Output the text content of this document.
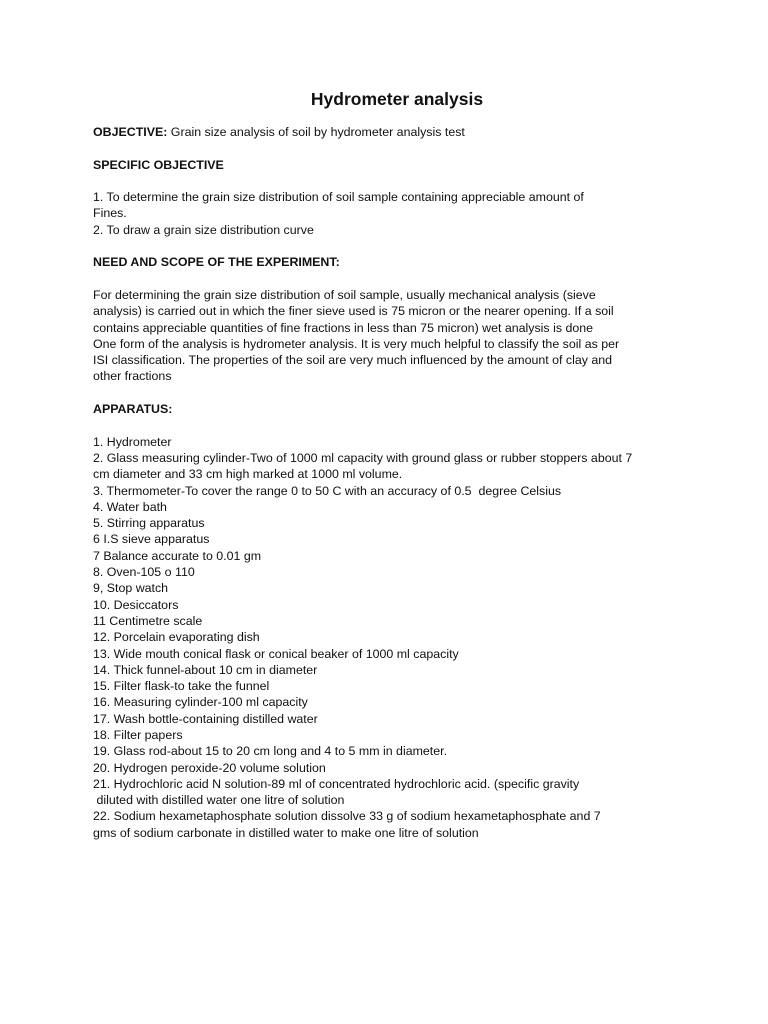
Hydrometer analysis

OBJECTIVE: Grain size analysis of soil by hydrometer analysis test

SPECIFIC OBJECTIVE

1. To determine the grain size distribution of soil sample containing appreciable amount of

Fines.

2. To draw a grain size distribution curve

NEED AND SCOPE OF THE EXPERIMENT:

For determining the grain size distribution of soil sample, usually mechanical analysis (sieve

analysis) is carried out in which the finer sieve used is 75 micron or the nearer opening. If a soil

contains appreciable quantities of fine fractions in less than 75 micron) wet analysis is done

One form of the analysis is hydrometer analysis. It is very much helpful to classify the soil as per

ISI classification. The properties of the soil are very much influenced by the amount of clay and

other fractions

APPARATUS:

1. Hydrometer

2. Glass measuring cylinder-Two of 1000 ml capacity with ground glass or rubber stoppers about 7

cm diameter and 33 cm high marked at 1000 ml volume.

3. Thermometer-To cover the range 0 to 50 C with an accuracy of 0.5  degree Celsius

4. Water bath

5. Stirring apparatus

6 I.S sieve apparatus

7 Balance accurate to 0.01 gm

8. Oven-105 o 110

9, Stop watch

10. Desiccators

11 Centimetre scale

12. Porcelain evaporating dish

13. Wide mouth conical flask or conical beaker of 1000 ml capacity

14. Thick funnel-about 10 cm in diameter

15. Filter flask-to take the funnel

16. Measuring cylinder-100 ml capacity

17. Wash bottle-containing distilled water

18. Filter papers

19. Glass rod-about 15 to 20 cm long and 4 to 5 mm in diameter.

20. Hydrogen peroxide-20 volume solution

21. Hydrochloric acid N solution-89 ml of concentrated hydrochloric acid. (specific gravity

diluted with distilled water one litre of solution

22. Sodium hexametaphosphate solution dissolve 33 g of sodium hexametaphosphate and 7

gms of sodium carbonate in distilled water to make one litre of solution
